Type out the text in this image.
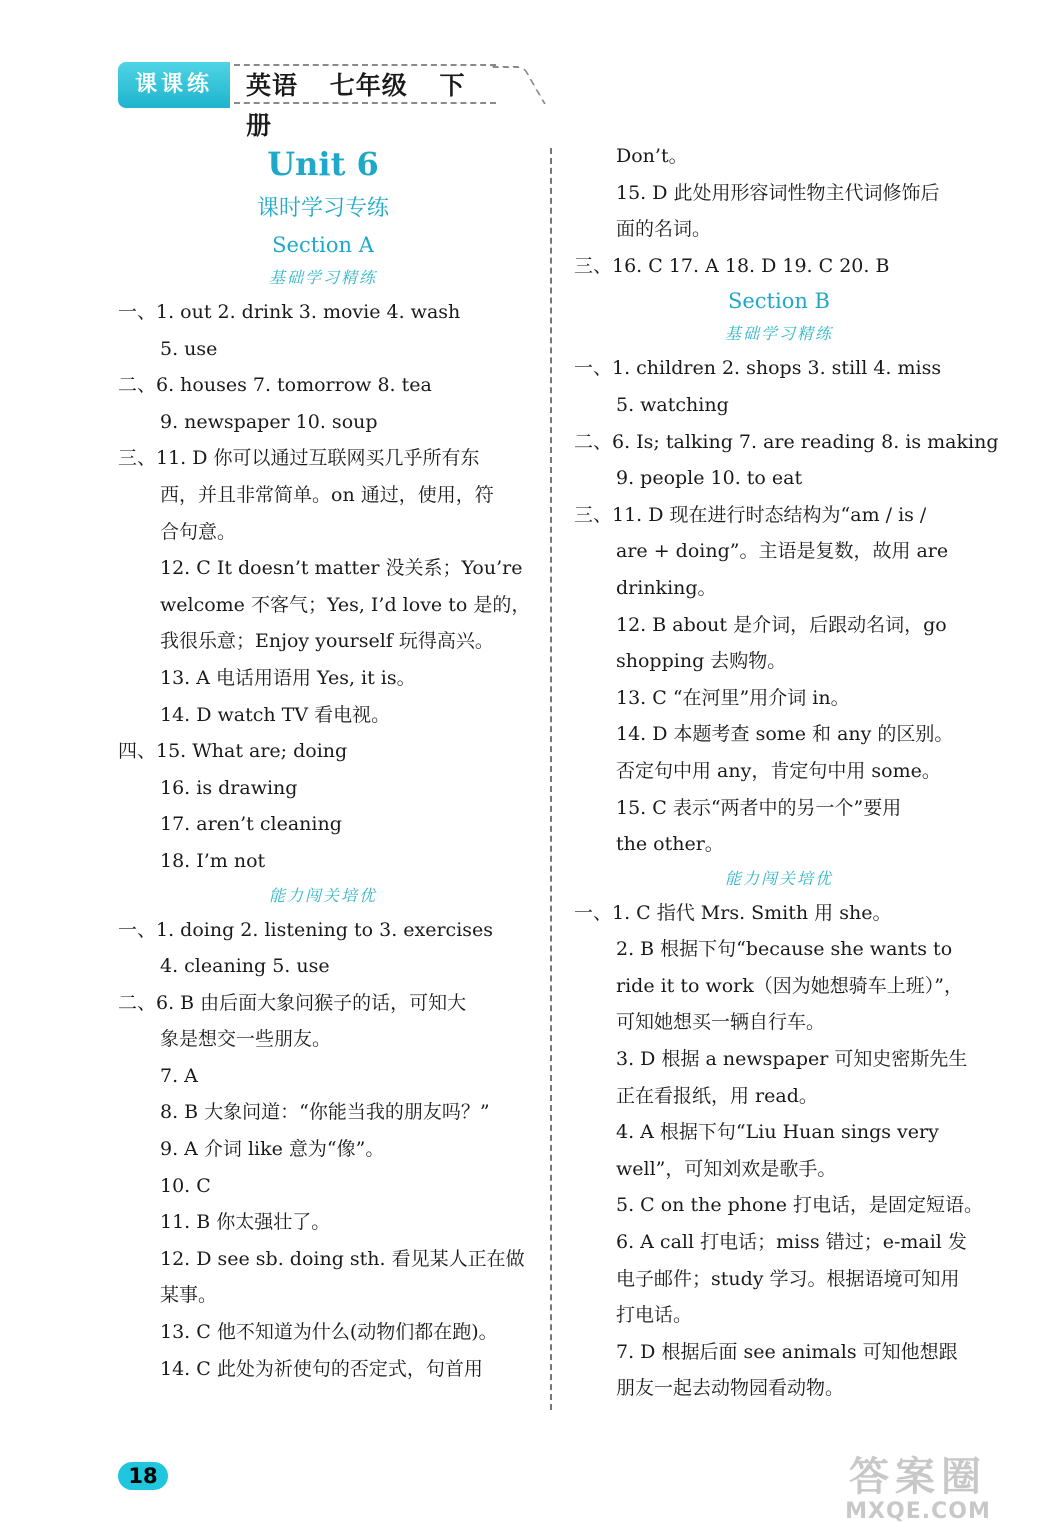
课课练	英语 七年级 下册
Unit 6
课时学习专练
Section A
基础学习精练
一、1. out 2. drink 3. movie 4. wash
5. use
二、6. houses 7. tomorrow 8. tea
9. newspaper 10. soup
三、11. D 你可以通过互联网买几乎所有东
西，并且非常简单。on 通过，使用，符
合句意。
12. C It doesn’t matter 没关系；You’re
welcome 不客气；Yes, I’d love to 是的，
我很乐意；Enjoy yourself 玩得高兴。
13. A 电话用语用 Yes, it is。
14. D watch TV 看电视。
四、15. What are; doing
16. is drawing
17. aren’t cleaning
18. I’m not
能力闯关培优
一、1. doing 2. listening to 3. exercises
4. cleaning 5. use
二、6. B 由后面大象问猴子的话，可知大
象是想交一些朋友。
7. A
8. B 大象问道：“你能当我的朋友吗？”
9. A 介词 like 意为“像”。
10. C
11. B 你太强壮了。
12. D see sb. doing sth. 看见某人正在做
某事。
13. C 他不知道为什么(动物们都在跑)。
14. C 此处为祈使句的否定式，句首用
Don’t。
15. D 此处用形容词性物主代词修饰后
面的名词。
三、16. C 17. A 18. D 19. C 20. B
Section B
基础学习精练
一、1. children 2. shops 3. still 4. miss
5. watching
二、6. Is; talking 7. are reading 8. is making
9. people 10. to eat
三、11. D 现在进行时态结构为“am / is /
are + doing”。主语是复数，故用 are
drinking。
12. B about 是介词，后跟动名词，go
shopping 去购物。
13. C “在河里”用介词 in。
14. D 本题考查 some 和 any 的区别。
否定句中用 any，肯定句中用 some。
15. C 表示“两者中的另一个”要用
the other。
能力闯关培优
一、1. C 指代 Mrs. Smith 用 she。
2. B 根据下句“because she wants to
ride it to work（因为她想骑车上班）”，
可知她想买一辆自行车。
3. D 根据 a newspaper 可知史密斯先生
正在看报纸，用 read。
4. A 根据下句“Liu Huan sings very
well”，可知刘欢是歌手。
5. C on the phone 打电话，是固定短语。
6. A call 打电话；miss 错过；e-mail 发
电子邮件；study 学习。根据语境可知用
打电话。
7. D 根据后面 see animals 可知他想跟
朋友一起去动物园看动物。
18	答案圈
MXQE.COM
